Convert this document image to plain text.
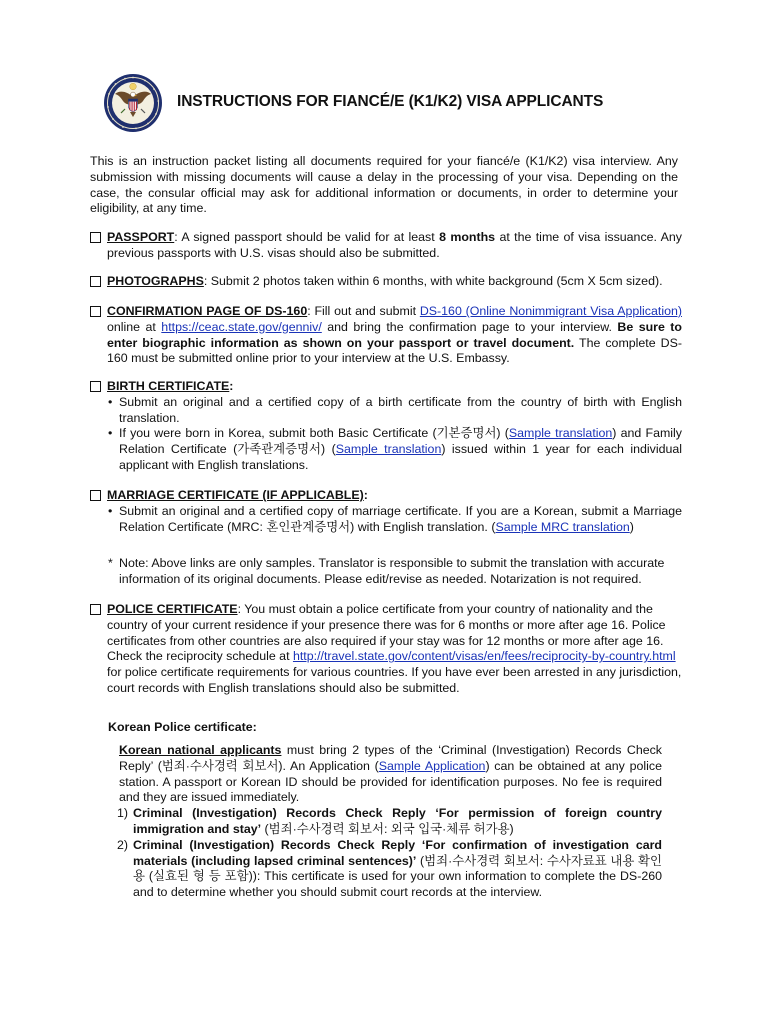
INSTRUCTIONS FOR FIANCÉ/E (K1/K2) VISA APPLICANTS
This is an instruction packet listing all documents required for your fiancé/e (K1/K2) visa interview. Any submission with missing documents will cause a delay in the processing of your visa. Depending on the case, the consular official may ask for additional information or documents, in order to determine your eligibility, at any time.
PASSPORT: A signed passport should be valid for at least 8 months at the time of visa issuance. Any previous passports with U.S. visas should also be submitted.
PHOTOGRAPHS: Submit 2 photos taken within 6 months, with white background (5cm X 5cm sized).
CONFIRMATION PAGE OF DS-160: Fill out and submit DS-160 (Online Nonimmigrant Visa Application) online at https://ceac.state.gov/genniv/ and bring the confirmation page to your interview. Be sure to enter biographic information as shown on your passport or travel document. The complete DS-160 must be submitted online prior to your interview at the U.S. Embassy.
BIRTH CERTIFICATE:
• Submit an original and a certified copy of a birth certificate from the country of birth with English translation.
• If you were born in Korea, submit both Basic Certificate (기본증명서) (Sample translation) and Family Relation Certificate (가족관계증명서) (Sample translation) issued within 1 year for each individual applicant with English translations.
MARRIAGE CERTIFICATE (IF APPLICABLE):
• Submit an original and a certified copy of marriage certificate. If you are a Korean, submit a Marriage Relation Certificate (MRC: 혼인관계증명서) with English translation. (Sample MRC translation)
* Note: Above links are only samples. Translator is responsible to submit the translation with accurate information of its original documents. Please edit/revise as needed. Notarization is not required.
POLICE CERTIFICATE: You must obtain a police certificate from your country of nationality and the country of your current residence if your presence there was for 6 months or more after age 16. Police certificates from other countries are also required if your stay was for 12 months or more after age 16. Check the reciprocity schedule at http://travel.state.gov/content/visas/en/fees/reciprocity-by-country.html for police certificate requirements for various countries. If you have ever been arrested in any jurisdiction, court records with English translations should also be submitted.
Korean Police certificate:
Korean national applicants must bring 2 types of the ‘Criminal (Investigation) Records Check Reply’ (범죄·수사경력 회보서). An Application (Sample Application) can be obtained at any police station. A passport or Korean ID should be provided for identification purposes. No fee is required and they are issued immediately.
1) Criminal (Investigation) Records Check Reply ‘For permission of foreign country immigration and stay’ (범죄·수사경력 회보서: 외국 입국·체류 허가용)
2) Criminal (Investigation) Records Check Reply ‘For confirmation of investigation card materials (including lapsed criminal sentences)’ (범죄·수사경력 회보서: 수사자료표 내용 확인용 (실효된 형 등 포함)): This certificate is used for your own information to complete the DS-260 and to determine whether you should submit court records at the interview.
